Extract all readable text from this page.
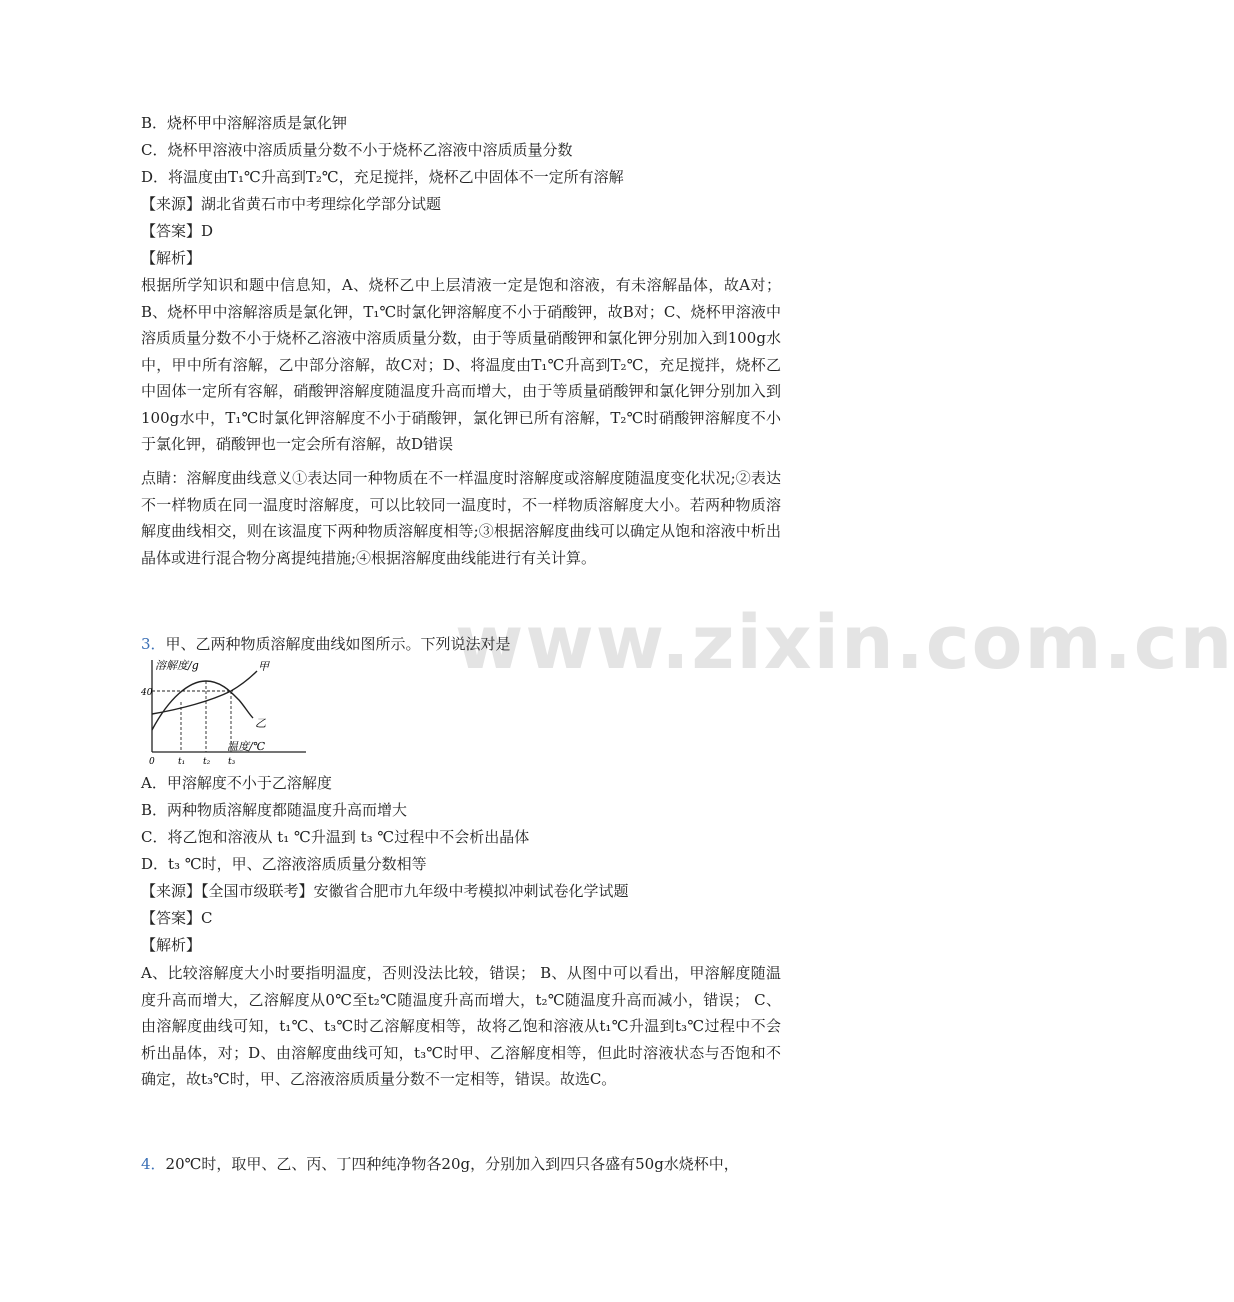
www.zixin.com.cn
B．烧杯甲中溶解溶质是氯化钾
C．烧杯甲溶液中溶质质量分数不小于烧杯乙溶液中溶质质量分数
D．将温度由T₁℃升高到T₂℃，充足搅拌，烧杯乙中固体不一定所有溶解
【来源】湖北省黄石市中考理综化学部分试题
【答案】D
【解析】
根据所学知识和题中信息知，A、烧杯乙中上层清液一定是饱和溶液，有未溶解晶体，故A对；B、烧杯甲中溶解溶质是氯化钾，T₁℃时氯化钾溶解度不小于硝酸钾，故B对；C、烧杯甲溶液中溶质质量分数不小于烧杯乙溶液中溶质质量分数，由于等质量硝酸钾和氯化钾分别加入到100g水中，甲中所有溶解，乙中部分溶解，故C对；D、将温度由T₁℃升高到T₂℃，充足搅拌，烧杯乙中固体一定所有容解，硝酸钾溶解度随温度升高而增大，由于等质量硝酸钾和氯化钾分别加入到100g水中，T₁℃时氯化钾溶解度不小于硝酸钾，氯化钾已所有溶解，T₂℃时硝酸钾溶解度不小于氯化钾，硝酸钾也一定会所有溶解，故D错误
点睛：溶解度曲线意义①表达同一种物质在不一样温度时溶解度或溶解度随温度变化状况;②表达不一样物质在同一温度时溶解度，可以比较同一温度时，不一样物质溶解度大小。若两种物质溶解度曲线相交，则在该温度下两种物质溶解度相等;③根据溶解度曲线可以确定从饱和溶液中析出晶体或进行混合物分离提纯措施;④根据溶解度曲线能进行有关计算。
3．甲、乙两种物质溶解度曲线如图所示。下列说法对是
溶解度/g
温度/℃
0
40
t₁ t₂ t₃
甲
乙
A．甲溶解度不小于乙溶解度
B．两种物质溶解度都随温度升高而增大
C．将乙饱和溶液从 t₁ ℃升温到 t₃ ℃过程中不会析出晶体
D．t₃ ℃时，甲、乙溶液溶质质量分数相等
【来源】【全国市级联考】安徽省合肥市九年级中考模拟冲刺试卷化学试题
【答案】C
【解析】
A、比较溶解度大小时要指明温度，否则没法比较，错误； B、从图中可以看出，甲溶解度随温度升高而增大，乙溶解度从0℃至t₂℃随温度升高而增大，t₂℃随温度升高而减小，错误； C、由溶解度曲线可知，t₁℃、t₃℃时乙溶解度相等，故将乙饱和溶液从t₁℃升温到t₃℃过程中不会析出晶体，对；D、由溶解度曲线可知，t₃℃时甲、乙溶解度相等，但此时溶液状态与否饱和不确定，故t₃℃时，甲、乙溶液溶质质量分数不一定相等，错误。故选C。
4．20℃时，取甲、乙、丙、丁四种纯净物各20g，分别加入到四只各盛有50g水烧杯中，
